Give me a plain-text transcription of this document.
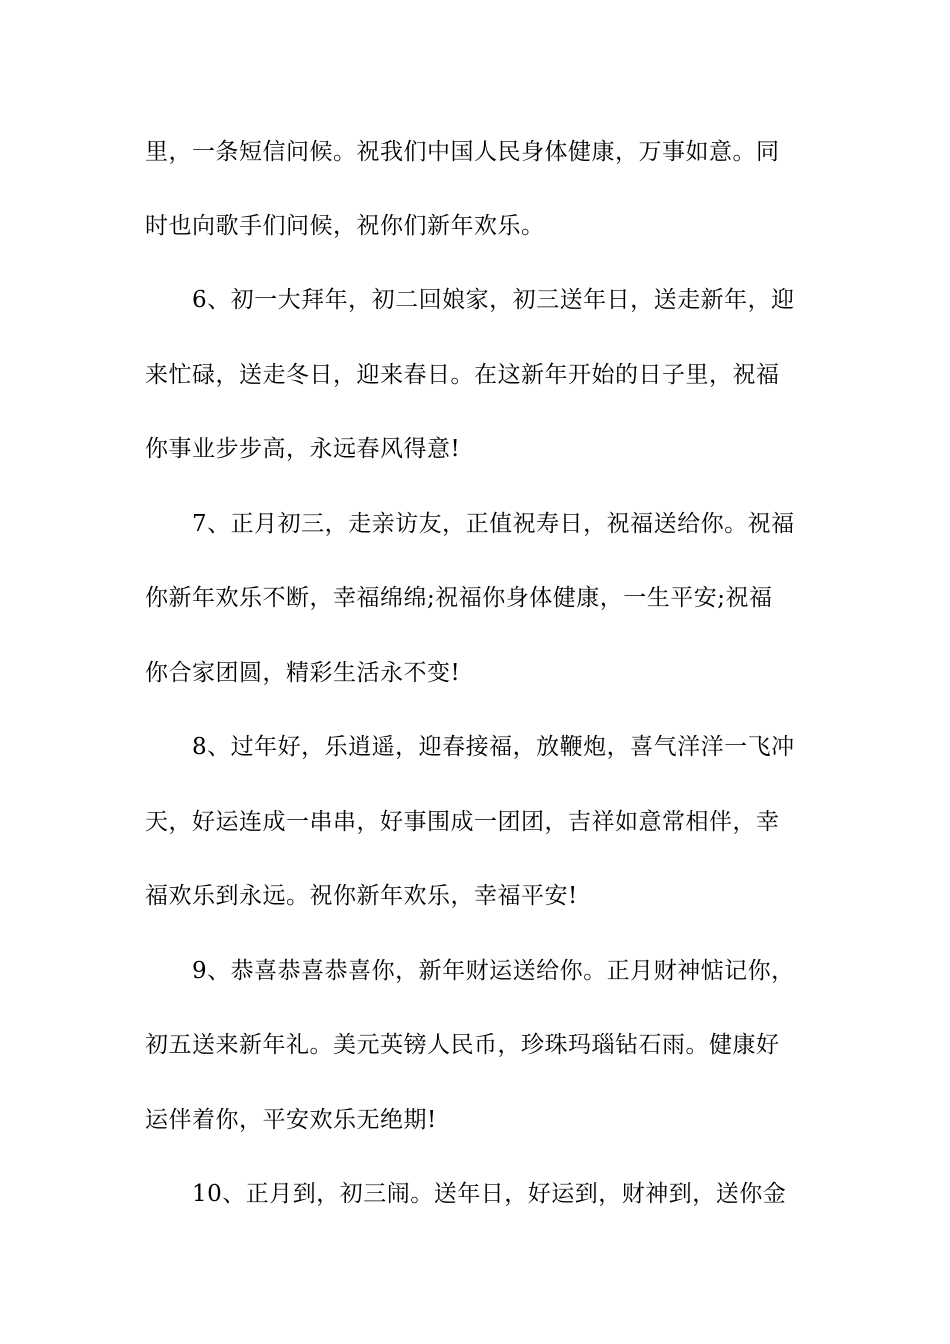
里，一条短信问候。祝我们中国人民身体健康，万事如意。同
时也向歌手们问候，祝你们新年欢乐。
6、初一大拜年，初二回娘家，初三送年日，送走新年，迎
来忙碌，送走冬日，迎来春日。在这新年开始的日子里，祝福
你事业步步高，永远春风得意!
7、正月初三，走亲访友，正值祝寿日，祝福送给你。祝福
你新年欢乐不断，幸福绵绵;祝福你身体健康，一生平安;祝福
你合家团圆，精彩生活永不变!
8、过年好，乐逍遥，迎春接福，放鞭炮，喜气洋洋一飞冲
天，好运连成一串串，好事围成一团团，吉祥如意常相伴，幸
福欢乐到永远。祝你新年欢乐，幸福平安!
9、恭喜恭喜恭喜你，新年财运送给你。正月财神惦记你，
初五送来新年礼。美元英镑人民币，珍珠玛瑙钻石雨。健康好
运伴着你，平安欢乐无绝期!
10、正月到，初三闹。送年日，好运到，财神到，送你金
